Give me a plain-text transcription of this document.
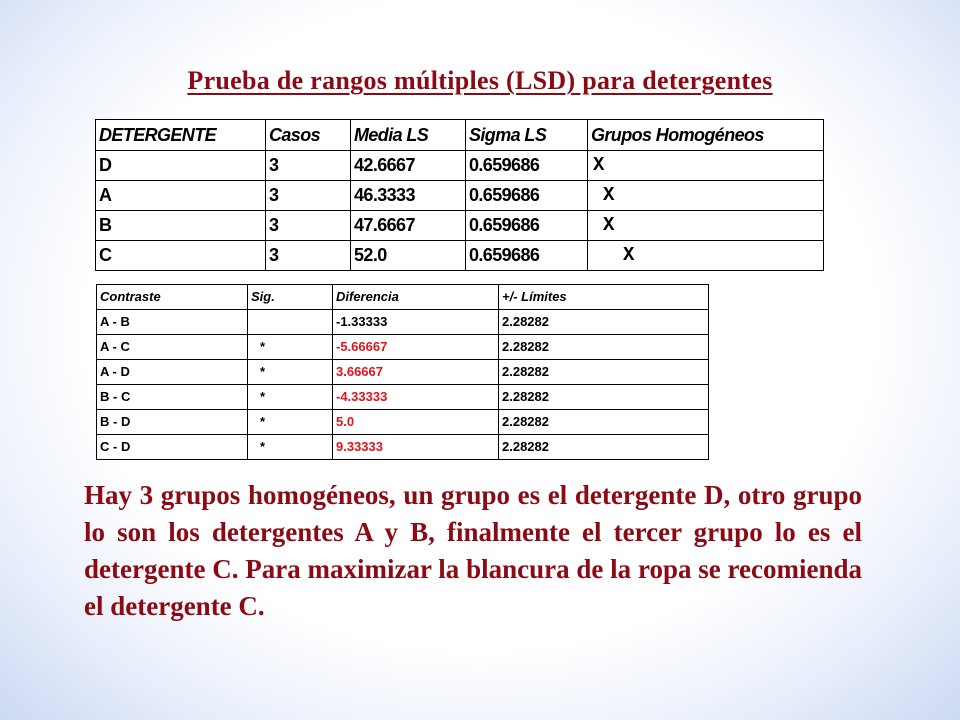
Prueba de rangos múltiples (LSD) para detergentes
DETERGENTE	Casos	Media LS	Sigma LS	Grupos Homogéneos
D	3	42.6667	0.659686	X
A	3	46.3333	0.659686	X
B	3	47.6667	0.659686	X
C	3	52.0	0.659686	X
Contraste	Sig.	Diferencia	+/- Límites
A - B		-1.33333	2.28282
A - C	*	-5.66667	2.28282
A - D	*	3.66667	2.28282
B - C	*	-4.33333	2.28282
B - D	*	5.0	2.28282
C - D	*	9.33333	2.28282
Hay 3 grupos homogéneos, un grupo es el detergente D, otro grupo lo son los detergentes A y B, finalmente el tercer grupo lo es el detergente C. Para maximizar la blancura de la ropa se recomienda el detergente C.
